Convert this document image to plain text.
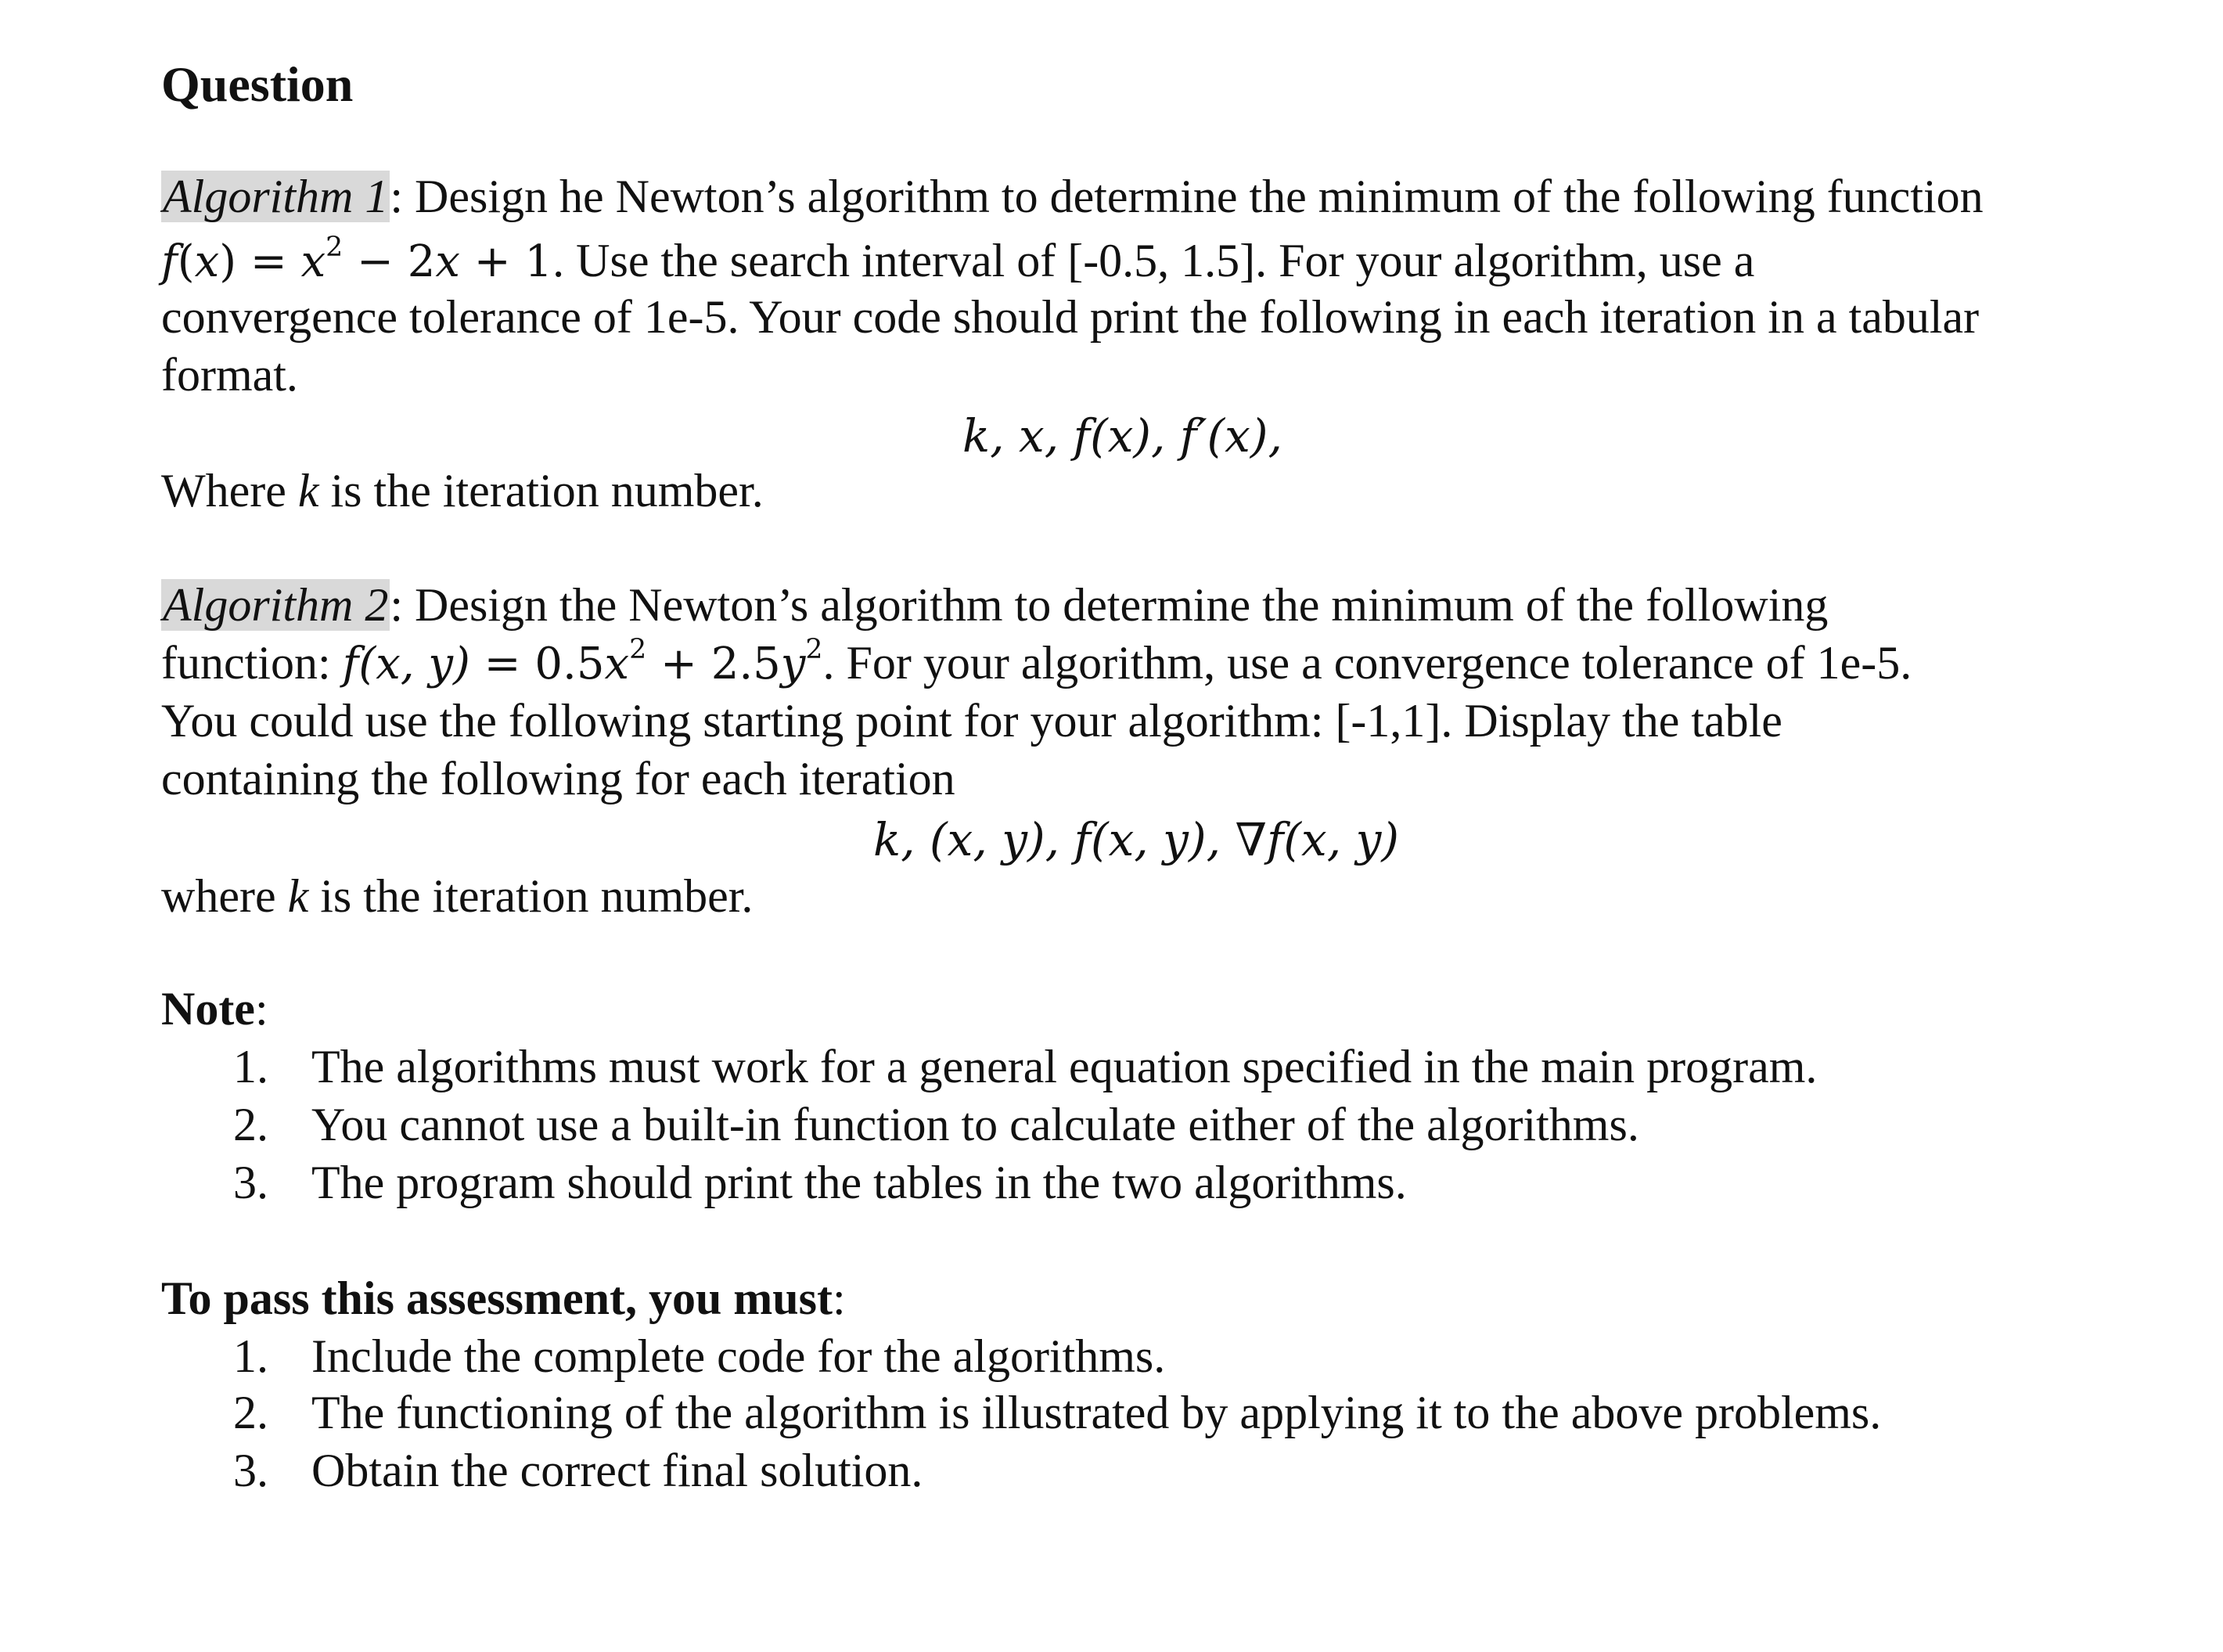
Question
Algorithm 1: Design he Newton’s algorithm to determine the minimum of the following function
$f(x) = x^2 - 2x + 1$. Use the search interval of [-0.5, 1.5]. For your algorithm, use a
convergence tolerance of 1e-5. Your code should print the following in each iteration in a tabular
format.
k, x, f(x), f′(x),
Where k is the iteration number.
Algorithm 2: Design the Newton’s algorithm to determine the minimum of the following
function: f(x, $y) = 0.5x^2 + 2.5y^2$. For your algorithm, use a convergence tolerance of 1e-5.
You could use the following starting point for your algorithm: [-1,1]. Display the table
containing the following for each iteration
k, (x, y), f(x, y), ∇f(x, y)
where k is the iteration number.
Note:
1. The algorithms must work for a general equation specified in the main program.
2. You cannot use a built-in function to calculate either of the algorithms.
3. The program should print the tables in the two algorithms.
To pass this assessment, you must:
1. Include the complete code for the algorithms.
2. The functioning of the algorithm is illustrated by applying it to the above problems.
3. Obtain the correct final solution.
